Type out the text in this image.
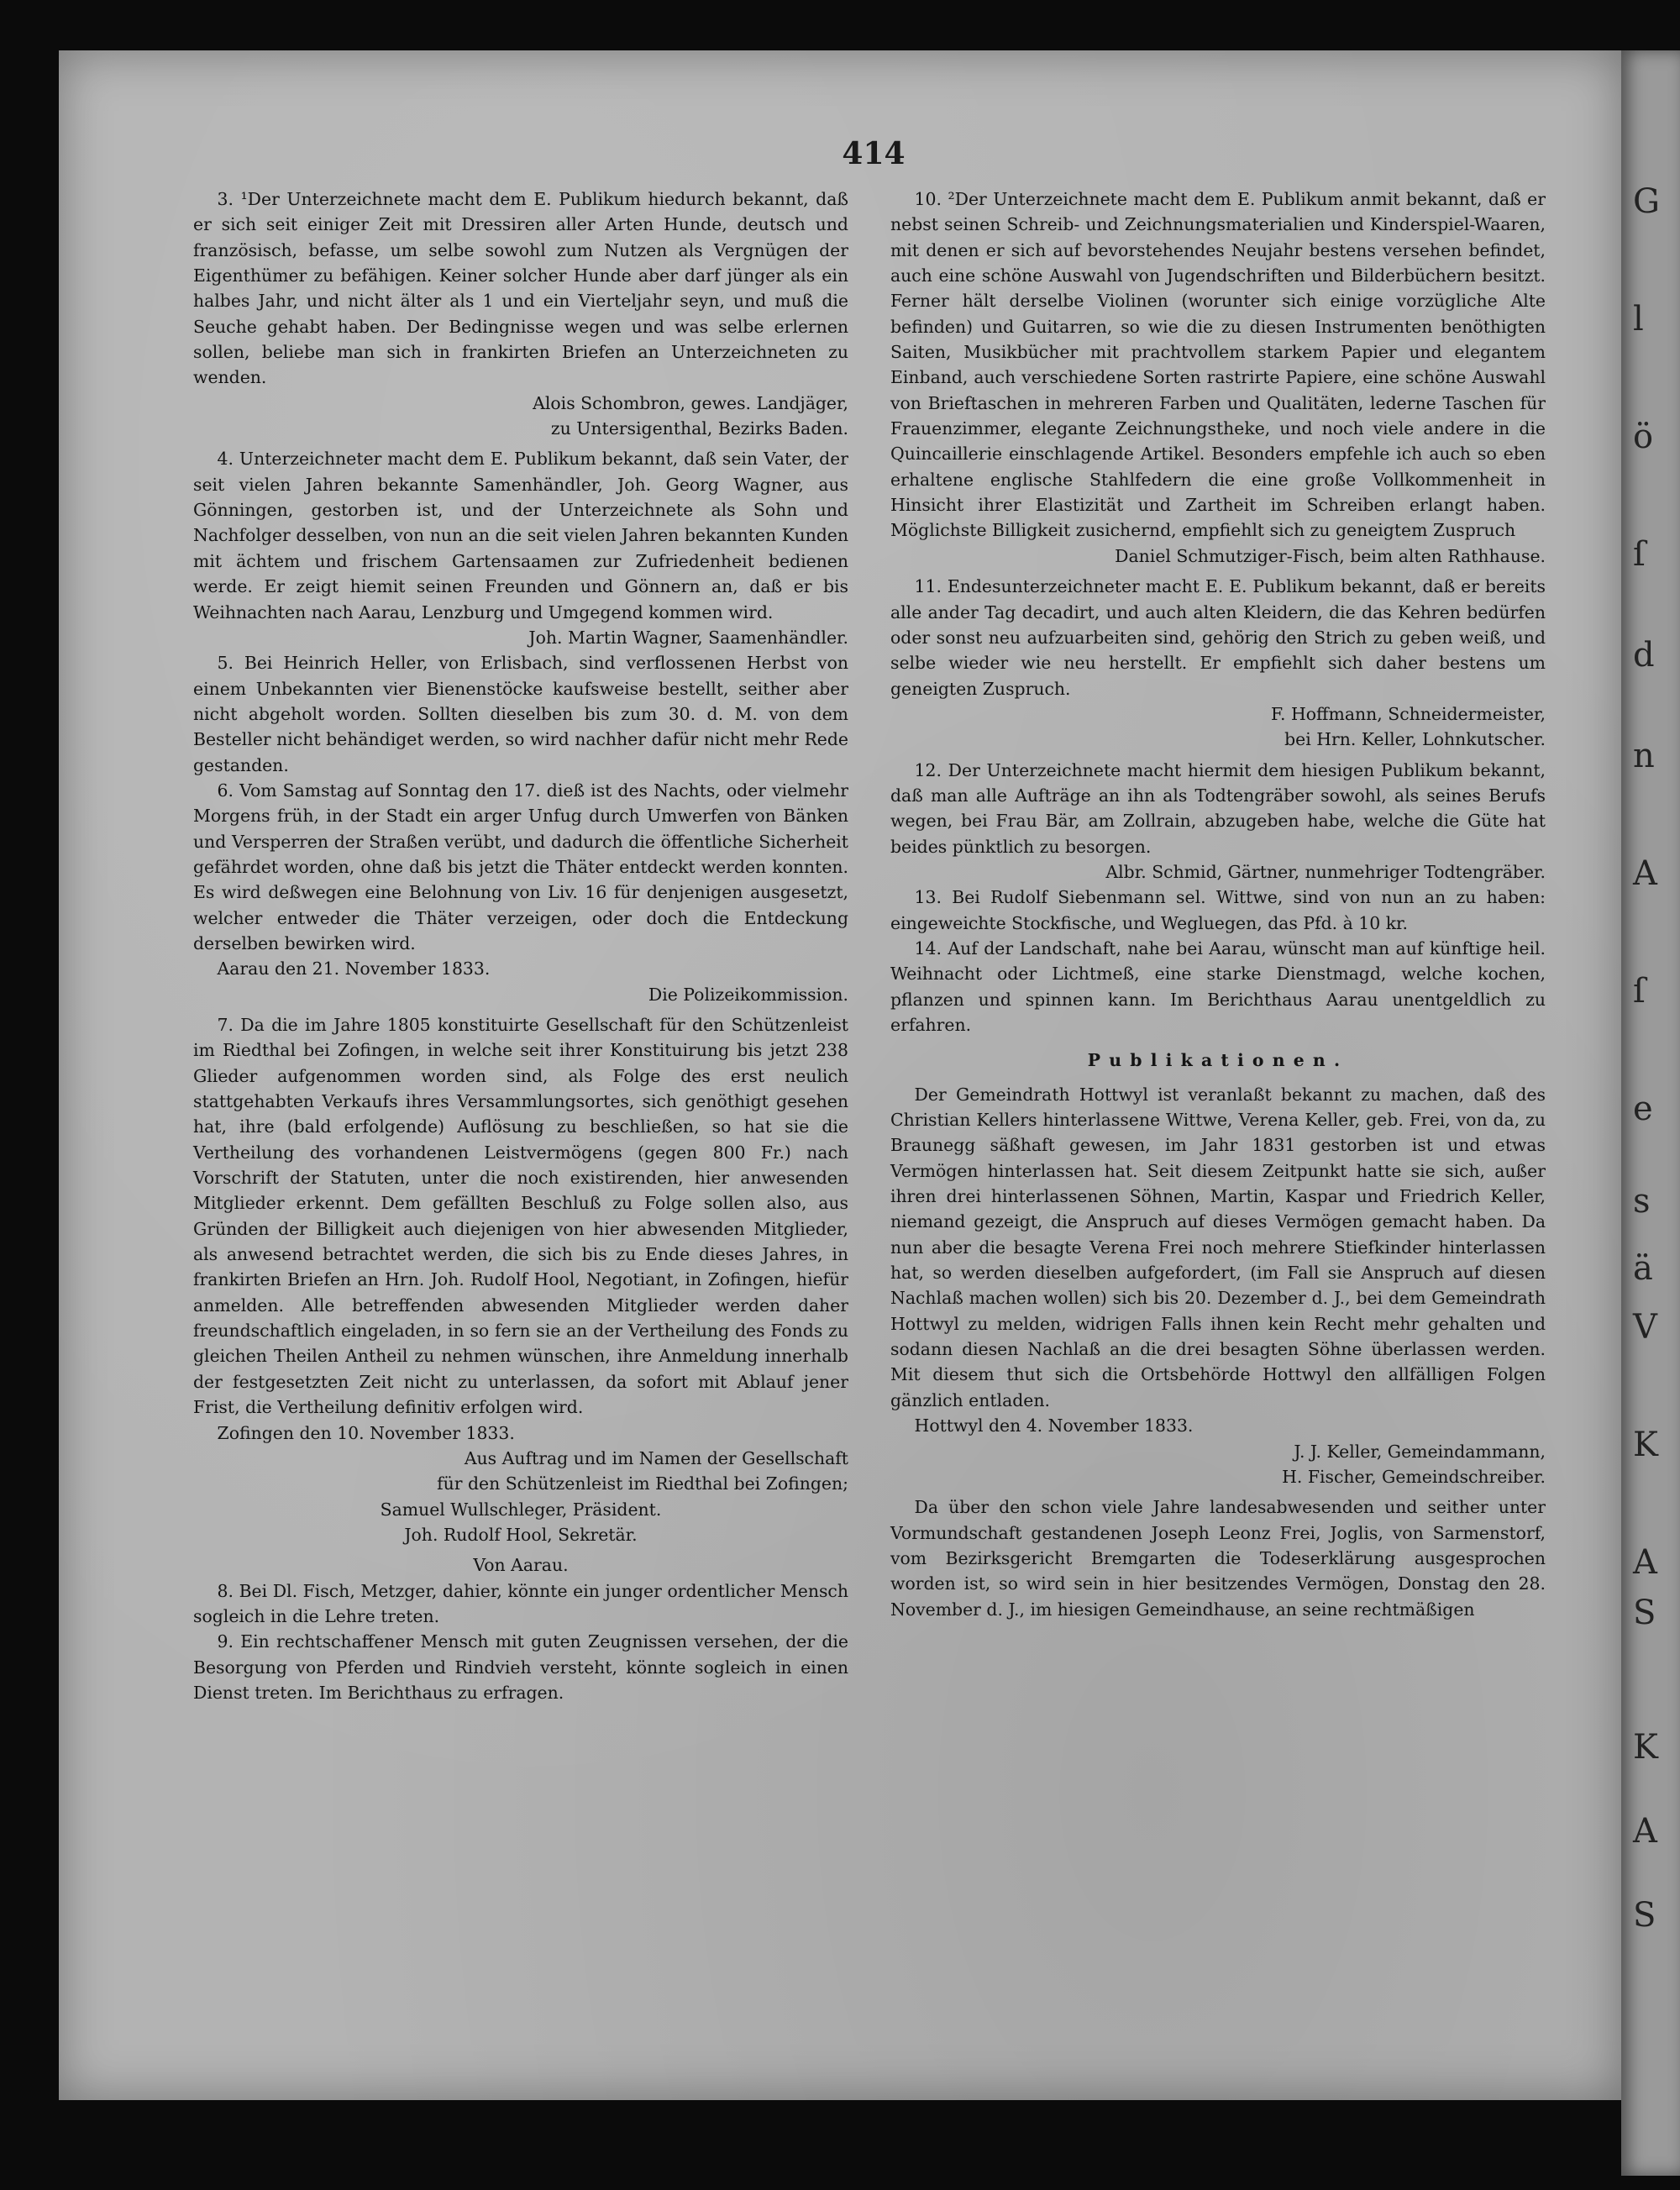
G
l
ö
ſ
d
n
A
ſ
e
s
ä
V
K
A
S
K
A
S
414

3. ¹Der Unterzeichnete macht dem E. Publikum hiedurch bekannt, daß er sich seit einiger Zeit mit Dressiren aller Arten Hunde, deutsch und französisch, befasse, um selbe sowohl zum Nutzen als Vergnügen der Eigenthümer zu befähigen. Keiner solcher Hunde aber darf jünger als ein halbes Jahr, und nicht älter als 1 und ein Vierteljahr seyn, und muß die Seuche gehabt haben. Der Bedingnisse wegen und was selbe erlernen sollen, beliebe man sich in frankirten Briefen an Unterzeichneten zu wenden.

Alois Schombron, gewes. Landjäger,

zu Untersigenthal, Bezirks Baden.

4. Unterzeichneter macht dem E. Publikum bekannt, daß sein Vater, der seit vielen Jahren bekannte Samenhändler, Joh. Georg Wagner, aus Gönningen, gestorben ist, und der Unterzeichnete als Sohn und Nachfolger desselben, von nun an die seit vielen Jahren bekannten Kunden mit ächtem und frischem Gartensaamen zur Zufriedenheit bedienen werde. Er zeigt hiemit seinen Freunden und Gönnern an, daß er bis Weihnachten nach Aarau, Lenzburg und Umgegend kommen wird.

Joh. Martin Wagner, Saamenhändler.

5. Bei Heinrich Heller, von Erlisbach, sind verflossenen Herbst von einem Unbekannten vier Bienenstöcke kaufsweise bestellt, seither aber nicht abgeholt worden. Sollten dieselben bis zum 30. d. M. von dem Besteller nicht behändiget werden, so wird nachher dafür nicht mehr Rede gestanden.

6. Vom Samstag auf Sonntag den 17. dieß ist des Nachts, oder vielmehr Morgens früh, in der Stadt ein arger Unfug durch Umwerfen von Bänken und Versperren der Straßen verübt, und dadurch die öffentliche Sicherheit gefährdet worden, ohne daß bis jetzt die Thäter entdeckt werden konnten. Es wird deßwegen eine Belohnung von Liv. 16 für denjenigen ausgesetzt, welcher entweder die Thäter verzeigen, oder doch die Entdeckung derselben bewirken wird.

Aarau den 21. November 1833.

Die Polizeikommission.

7. Da die im Jahre 1805 konstituirte Gesellschaft für den Schützenleist im Riedthal bei Zofingen, in welche seit ihrer Konstituirung bis jetzt 238 Glieder aufgenommen worden sind, als Folge des erst neulich stattgehabten Verkaufs ihres Versammlungsortes, sich genöthigt gesehen hat, ihre (bald erfolgende) Auflösung zu beschließen, so hat sie die Vertheilung des vorhandenen Leistvermögens (gegen 800 Fr.) nach Vorschrift der Statuten, unter die noch existirenden, hier anwesenden Mitglieder erkennt. Dem gefällten Beschluß zu Folge sollen also, aus Gründen der Billigkeit auch diejenigen von hier abwesenden Mitglieder, als anwesend betrachtet werden, die sich bis zu Ende dieses Jahres, in frankirten Briefen an Hrn. Joh. Rudolf Hool, Negotiant, in Zofingen, hiefür anmelden. Alle betreffenden abwesenden Mitglieder werden daher freundschaftlich eingeladen, in so fern sie an der Vertheilung des Fonds zu gleichen Theilen Antheil zu nehmen wünschen, ihre Anmeldung innerhalb der festgesetzten Zeit nicht zu unterlassen, da sofort mit Ablauf jener Frist, die Vertheilung definitiv erfolgen wird.

Zofingen den 10. November 1833.

Aus Auftrag und im Namen der Gesellschaft

für den Schützenleist im Riedthal bei Zofingen;

Samuel Wullschleger, Präsident.

Joh. Rudolf Hool, Sekretär.

Von Aarau.

8. Bei Dl. Fisch, Metzger, dahier, könnte ein junger ordentlicher Mensch sogleich in die Lehre treten.

9. Ein rechtschaffener Mensch mit guten Zeugnissen versehen, der die Besorgung von Pferden und Rindvieh versteht, könnte sogleich in einen Dienst treten. Im Berichthaus zu erfragen.

10. ²Der Unterzeichnete macht dem E. Publikum anmit bekannt, daß er nebst seinen Schreib- und Zeichnungsmaterialien und Kinderspiel-Waaren, mit denen er sich auf bevorstehendes Neujahr bestens versehen befindet, auch eine schöne Auswahl von Jugendschriften und Bilderbüchern besitzt. Ferner hält derselbe Violinen (worunter sich einige vorzügliche Alte befinden) und Guitarren, so wie die zu diesen Instrumenten benöthigten Saiten, Musikbücher mit prachtvollem starkem Papier und elegantem Einband, auch verschiedene Sorten rastrirte Papiere, eine schöne Auswahl von Brieftaschen in mehreren Farben und Qualitäten, lederne Taschen für Frauenzimmer, elegante Zeichnungstheke, und noch viele andere in die Quincaillerie einschlagende Artikel. Besonders empfehle ich auch so eben erhaltene englische Stahlfedern die eine große Vollkommenheit in Hinsicht ihrer Elastizität und Zartheit im Schreiben erlangt haben. Möglichste Billigkeit zusichernd, empfiehlt sich zu geneigtem Zuspruch

Daniel Schmutziger-Fisch, beim alten Rathhause.

11. Endesunterzeichneter macht E. E. Publikum bekannt, daß er bereits alle ander Tag decadirt, und auch alten Kleidern, die das Kehren bedürfen oder sonst neu aufzuarbeiten sind, gehörig den Strich zu geben weiß, und selbe wieder wie neu herstellt. Er empfiehlt sich daher bestens um geneigten Zuspruch.

F. Hoffmann, Schneidermeister,

bei Hrn. Keller, Lohnkutscher.

12. Der Unterzeichnete macht hiermit dem hiesigen Publikum bekannt, daß man alle Aufträge an ihn als Todtengräber sowohl, als seines Berufs wegen, bei Frau Bär, am Zollrain, abzugeben habe, welche die Güte hat beides pünktlich zu besorgen.

Albr. Schmid, Gärtner, nunmehriger Todtengräber.

13. Bei Rudolf Siebenmann sel. Wittwe, sind von nun an zu haben: eingeweichte Stockfische, und Wegluegen, das Pfd. à 10 kr.

14. Auf der Landschaft, nahe bei Aarau, wünscht man auf künftige heil. Weihnacht oder Lichtmeß, eine starke Dienstmagd, welche kochen, pflanzen und spinnen kann. Im Berichthaus Aarau unentgeldlich zu erfahren.

Publikationen.

Der Gemeindrath Hottwyl ist veranlaßt bekannt zu machen, daß des Christian Kellers hinterlassene Wittwe, Verena Keller, geb. Frei, von da, zu Braunegg säßhaft gewesen, im Jahr 1831 gestorben ist und etwas Vermögen hinterlassen hat. Seit diesem Zeitpunkt hatte sie sich, außer ihren drei hinterlassenen Söhnen, Martin, Kaspar und Friedrich Keller, niemand gezeigt, die Anspruch auf dieses Vermögen gemacht haben. Da nun aber die besagte Verena Frei noch mehrere Stiefkinder hinterlassen hat, so werden dieselben aufgefordert, (im Fall sie Anspruch auf diesen Nachlaß machen wollen) sich bis 20. Dezember d. J., bei dem Gemeindrath Hottwyl zu melden, widrigen Falls ihnen kein Recht mehr gehalten und sodann diesen Nachlaß an die drei besagten Söhne überlassen werden. Mit diesem thut sich die Ortsbehörde Hottwyl den allfälligen Folgen gänzlich entladen.

Hottwyl den 4. November 1833.

J. J. Keller, Gemeindammann,

H. Fischer, Gemeindschreiber.

Da über den schon viele Jahre landesabwesenden und seither unter Vormundschaft gestandenen Joseph Leonz Frei, Joglis, von Sarmenstorf, vom Bezirksgericht Bremgarten die Todeserklärung ausgesprochen worden ist, so wird sein in hier besitzendes Vermögen, Donstag den 28. November d. J., im hiesigen Gemeindhause, an seine rechtmäßigen
